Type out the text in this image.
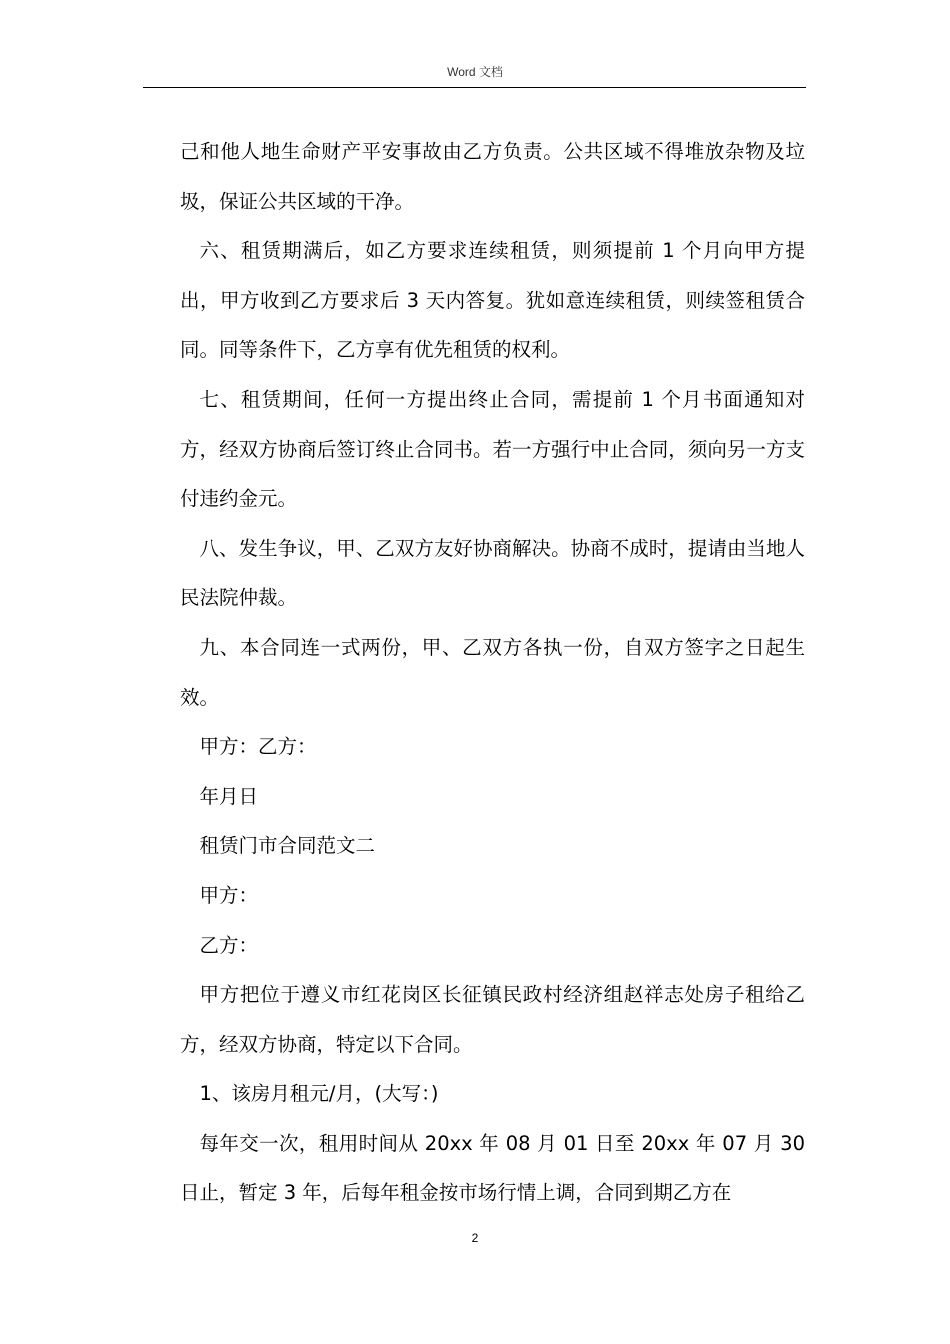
Word 文档

己和他人地生命财产平安事故由乙方负责。公共区域不得堆放杂物及垃圾，保证公共区域的干净。

六、租赁期满后，如乙方要求连续租赁，则须提前 1 个月向甲方提出，甲方收到乙方要求后 3 天内答复。犹如意连续租赁，则续签租赁合同。同等条件下，乙方享有优先租赁的权利。

七、租赁期间，任何一方提出终止合同，需提前 1 个月书面通知对方，经双方协商后签订终止合同书。若一方强行中止合同，须向另一方支付违约金元。

八、发生争议，甲、乙双方友好协商解决。协商不成时，提请由当地人民法院仲裁。

九、本合同连一式两份，甲、乙双方各执一份，自双方签字之日起生效。

甲方：乙方：

年月日

租赁门市合同范文二

甲方：

乙方：

甲方把位于遵义市红花岗区长征镇民政村经济组赵祥志处房子租给乙方，经双方协商，特定以下合同。

1、该房月租元/月，(大写：)

每年交一次，租用时间从 20xx 年 08 月 01 日至 20xx 年 07 月 30 日止，暂定 3 年，后每年租金按市场行情上调，合同到期乙方在

2
